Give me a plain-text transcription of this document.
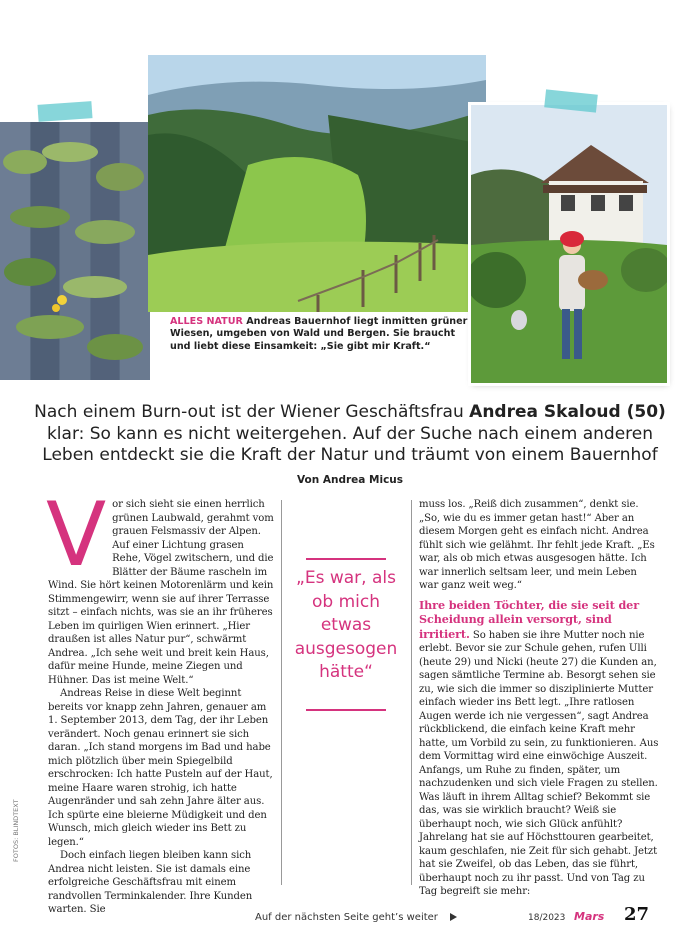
ALLES NATUR Andreas Bauernhof liegt inmitten grüner Wiesen, umgeben von Wald und Bergen. Sie braucht und liebt diese Einsamkeit: „Sie gibt mir Kraft.“
Nach einem Burn-out ist der Wiener Geschäftsfrau Andrea Skaloud (50) klar: So kann es nicht weitergehen. Auf der Suche nach einem anderen Leben entdeckt sie die Kraft der Natur und träumt von einem Bauernhof
Von Andrea Micus
V or sich sieht sie einen herrlich grünen Laubwald, gerahmt vom grauen Felsmassiv der Alpen. Auf einer Lichtung grasen Rehe, Vögel zwitschern, und die Blätter der Bäume rascheln im Wind. Sie hört keinen Motorenlärm und kein Stimmengewirr, wenn sie auf ihrer Terrasse sitzt – einfach nichts, was sie an ihr früheres Leben im quirligen Wien erinnert. „Hier draußen ist alles Natur pur“, schwärmt Andrea. „Ich sehe weit und breit kein Haus, dafür meine Hunde, meine Ziegen und Hühner. Das ist meine Welt.“

Andreas Reise in diese Welt beginnt bereits vor knapp zehn Jahren, genauer am 1. September 2013, dem Tag, der ihr Leben verändert. Noch genau erinnert sie sich daran. „Ich stand morgens im Bad und habe mich plötzlich über mein Spiegelbild erschrocken: Ich hatte Pusteln auf der Haut, meine Haare waren strohig, ich hatte Augenränder und sah zehn Jahre älter aus. Ich spürte eine bleierne Müdigkeit und den Wunsch, mich gleich wieder ins Bett zu legen.“

Doch einfach liegen bleiben kann sich Andrea nicht leisten. Sie ist damals eine erfolgreiche Geschäftsfrau mit einem randvollen Terminkalender. Ihre Kunden warten. Sie

„Es war, als ob mich etwas ausgesogen hätte“

muss los. „Reiß dich zusammen“, denkt sie. „So, wie du es immer getan hast!“ Aber an diesem Morgen geht es einfach nicht. Andrea fühlt sich wie gelähmt. Ihr fehlt jede Kraft. „Es war, als ob mich etwas ausgesogen hätte. Ich war innerlich seltsam leer, und mein Leben war ganz weit weg.“

Ihre beiden Töchter, die sie seit der Scheidung allein versorgt, sind irritiert. So haben sie ihre Mutter noch nie erlebt. Bevor sie zur Schule gehen, rufen Ulli (heute 29) und Nicki (heute 27) die Kunden an, sagen sämtliche Termine ab. Besorgt sehen sie zu, wie sich die immer so disziplinierte Mutter einfach wieder ins Bett legt. „Ihre ratlosen Augen werde ich nie vergessen“, sagt Andrea rückblickend, die einfach keine Kraft mehr hatte, um Vorbild zu sein, zu funktionieren. Aus dem Vormittag wird eine einwöchige Auszeit. Anfangs, um Ruhe zu finden, später, um nachzudenken und sich viele Fragen zu stellen. Was läuft in ihrem Alltag schief? Bekommt sie das, was sie wirklich braucht? Weiß sie überhaupt noch, wie sich Glück anfühlt? Jahrelang hat sie auf Höchsttouren gearbeitet, kaum geschlafen, nie Zeit für sich gehabt. Jetzt hat sie Zweifel, ob das Leben, das sie führt, überhaupt noch zu ihr passt. Und von Tag zu Tag begreift sie mehr:

FOTOS: BLINDTEXT
Auf der nächsten Seite geht’s weiter	18/2023 Mars 27
